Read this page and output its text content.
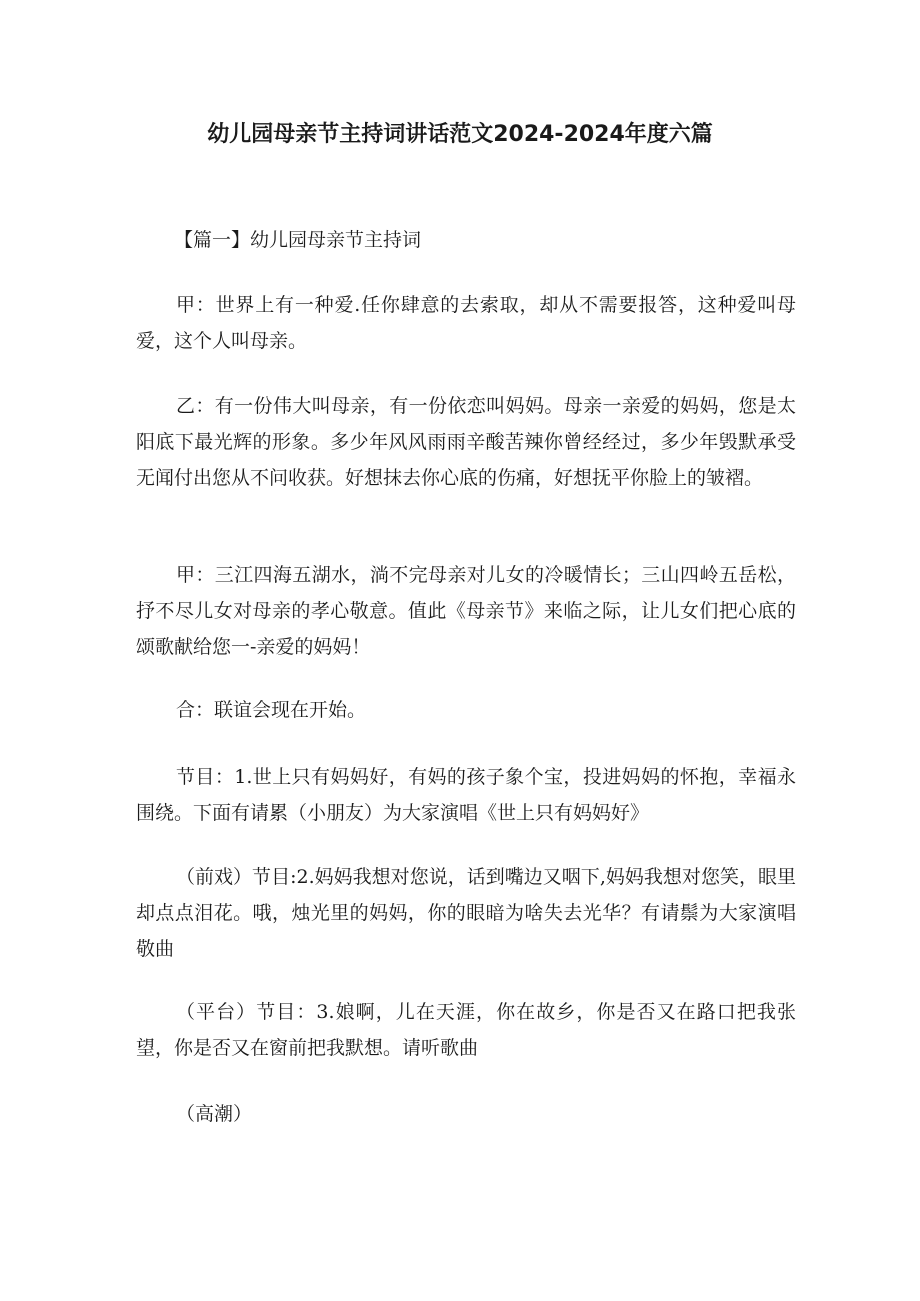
幼儿园母亲节主持词讲话范文2024-2024年度六篇

【篇一】幼儿园母亲节主持词

甲：世界上有一种爱.任你肆意的去索取，却从不需要报答，这种爱叫母爱，这个人叫母亲。

乙：有一份伟大叫母亲，有一份依恋叫妈妈。母亲一亲爱的妈妈，您是太阳底下最光辉的形象。多少年风风雨雨辛酸苦辣你曾经经过，多少年毁默承受无闻付出您从不问收获。好想抹去你心底的伤痛，好想抚平你脸上的皱褶。

甲：三江四海五湖水，淌不完母亲对儿女的冷暖情长；三山四岭五岳松，抒不尽儿女对母亲的孝心敬意。值此《母亲节》来临之际，让儿女们把心底的颂歌献给您一-亲爱的妈妈！

合：联谊会现在开始。

节目：1.世上只有妈妈好，有妈的孩子象个宝，投进妈妈的怀抱，幸福永围绕。下面有请累（小朋友）为大家演唱《世上只有妈妈好》

（前戏）节目:2.妈妈我想对您说，话到嘴边又咽下,妈妈我想对您笑，眼里却点点泪花。哦，烛光里的妈妈，你的眼暗为啥失去光华？有请鬃为大家演唱敬曲

（平台）节目：3.娘啊，儿在天涯，你在故乡，你是否又在路口把我张望，你是否又在窗前把我默想。请听歌曲

（高潮）
